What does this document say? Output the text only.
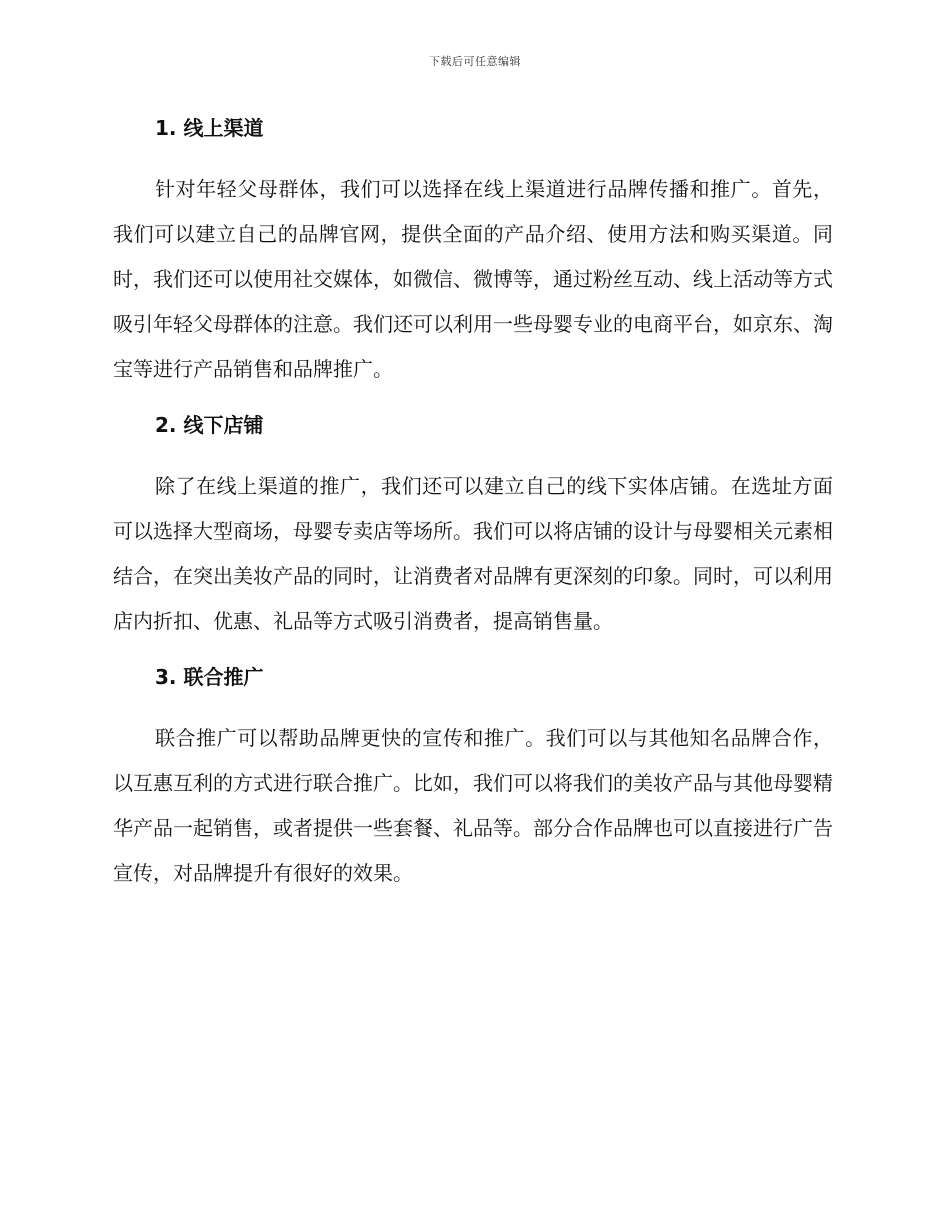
下载后可任意编辑
1. 线上渠道

针对年轻父母群体，我们可以选择在线上渠道进行品牌传播和推广。首先，我们可以建立自己的品牌官网，提供全面的产品介绍、使用方法和购买渠道。同时，我们还可以使用社交媒体，如微信、微博等，通过粉丝互动、线上活动等方式吸引年轻父母群体的注意。我们还可以利用一些母婴专业的电商平台，如京东、淘宝等进行产品销售和品牌推广。

2. 线下店铺

除了在线上渠道的推广，我们还可以建立自己的线下实体店铺。在选址方面可以选择大型商场，母婴专卖店等场所。我们可以将店铺的设计与母婴相关元素相结合，在突出美妆产品的同时，让消费者对品牌有更深刻的印象。同时，可以利用店内折扣、优惠、礼品等方式吸引消费者，提高销售量。

3. 联合推广

联合推广可以帮助品牌更快的宣传和推广。我们可以与其他知名品牌合作，以互惠互利的方式进行联合推广。比如，我们可以将我们的美妆产品与其他母婴精华产品一起销售，或者提供一些套餐、礼品等。部分合作品牌也可以直接进行广告宣传，对品牌提升有很好的效果。
